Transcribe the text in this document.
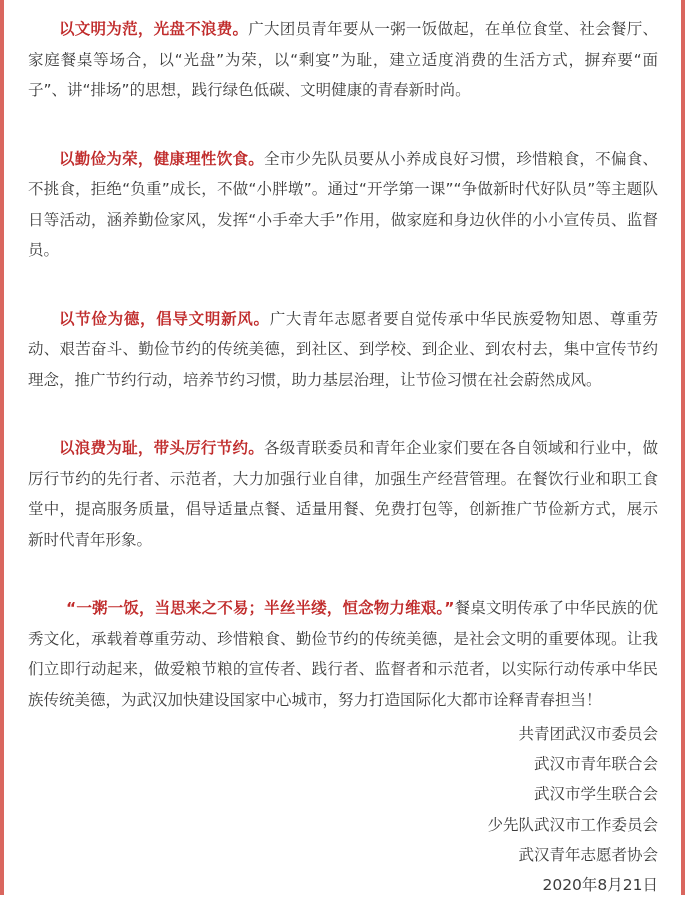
以文明为范，光盘不浪费。广大团员青年要从一粥一饭做起，在单位食堂、社会餐厅、家庭餐桌等场合，以“光盘”为荣，以“剩宴”为耻，建立适度消费的生活方式，摒弃要“面子”、讲“排场”的思想，践行绿色低碳、文明健康的青春新时尚。

以勤俭为荣，健康理性饮食。全市少先队员要从小养成良好习惯，珍惜粮食，不偏食、不挑食，拒绝“负重”成长，不做“小胖墩”。通过“开学第一课”“争做新时代好队员”等主题队日等活动，涵养勤俭家风，发挥“小手牵大手”作用，做家庭和身边伙伴的小小宣传员、监督员。

以节俭为德，倡导文明新风。广大青年志愿者要自觉传承中华民族爱物知恩、尊重劳动、艰苦奋斗、勤俭节约的传统美德，到社区、到学校、到企业、到农村去，集中宣传节约理念，推广节约行动，培养节约习惯，助力基层治理，让节俭习惯在社会蔚然成风。

以浪费为耻，带头厉行节约。各级青联委员和青年企业家们要在各自领域和行业中，做厉行节约的先行者、示范者，大力加强行业自律，加强生产经营管理。在餐饮行业和职工食堂中，提高服务质量，倡导适量点餐、适量用餐、免费打包等，创新推广节俭新方式，展示新时代青年形象。

“一粥一饭，当思来之不易；半丝半缕，恒念物力维艰。”餐桌文明传承了中华民族的优秀文化，承载着尊重劳动、珍惜粮食、勤俭节约的传统美德，是社会文明的重要体现。让我们立即行动起来，做爱粮节粮的宣传者、践行者、监督者和示范者，以实际行动传承中华民族传统美德，为武汉加快建设国家中心城市，努力打造国际化大都市诠释青春担当！

共青团武汉市委员会
武汉市青年联合会
武汉市学生联合会
少先队武汉市工作委员会
武汉青年志愿者协会
2020年8月21日
